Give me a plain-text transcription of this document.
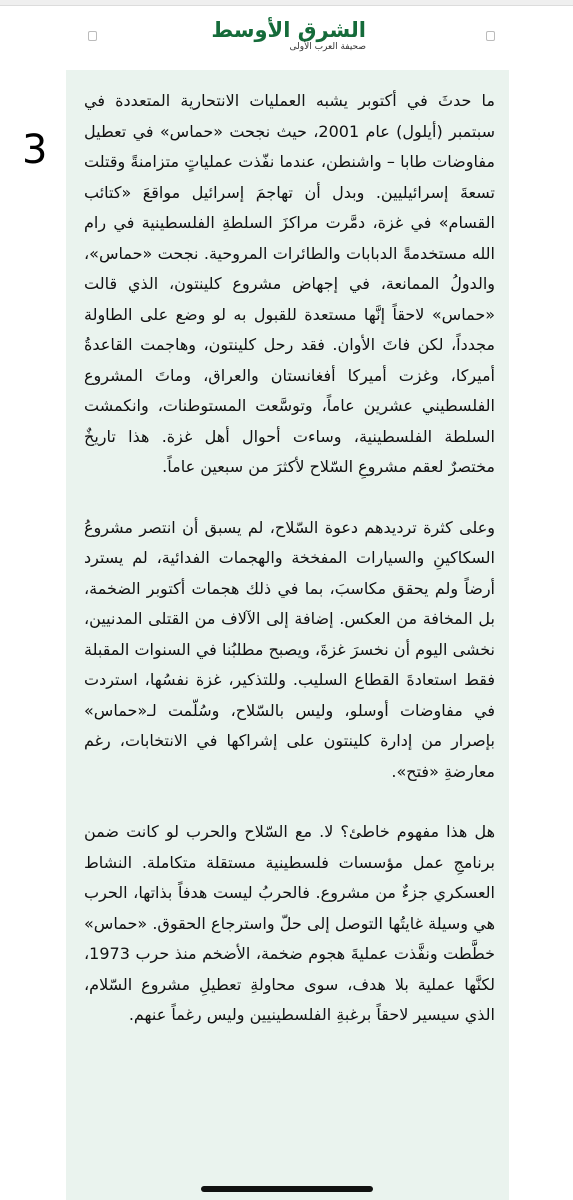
الشرق الأوسط
صحيفة العرب الأولى
3

ما حدثَ في أكتوبر يشبه العمليات الانتحارية المتعددة في سبتمبر (أيلول) عام 2001، حيث نجحت «حماس» في تعطيل مفاوضات طابا – واشنطن، عندما نفّذت عملياتٍ متزامنةً وقتلت تسعةَ إسرائيليين. وبدل أن تهاجمَ إسرائيل مواقعَ «كتائب القسام» في غزة، دمَّرت مراكزَ السلطةِ الفلسطينية في رام الله مستخدمةً الدبابات والطائرات المروحية. نجحت «حماس»، والدولُ الممانعة، في إجهاض مشروع كلينتون، الذي قالت «حماس» لاحقاً إنَّها مستعدة للقبول به لو وضع على الطاولة مجدداً، لكن فاتَ الأوان. فقد رحل كلينتون، وهاجمت القاعدةُ أميركا، وغزت أميركا أفغانستان والعراق، وماتَ المشروع الفلسطيني عشرين عاماً، وتوسَّعت المستوطنات، وانكمشت السلطة الفلسطينية، وساءت أحوال أهل غزة. هذا تاريخٌ مختصرٌ لعقم مشروعِ السّلاح لأكثرَ من سبعين عاماً.

وعلى كثرة ترديدهم دعوة السّلاح، لم يسبق أن انتصر مشروعُ السكاكينِ والسيارات المفخخة والهجمات الفدائية، لم يسترد أرضاً ولم يحقق مكاسبَ، بما في ذلك هجمات أكتوبر الضخمة، بل المخافة من العكس. إضافة إلى الآلاف من القتلى المدنيين، نخشى اليوم أن نخسرَ غزةَ، ويصبح مطلبُنا في السنوات المقبلة فقط استعادةَ القطاع السليب. وللتذكير، غزة نفسُها، استردت في مفاوضات أوسلو، وليس بالسّلاح، وسُلّمت لـ«حماس» بإصرار من إدارة كلينتون على إشراكها في الانتخابات، رغم معارضةِ «فتح».

هل هذا مفهوم خاطئ؟ لا. مع السّلاح والحرب لو كانت ضمن برنامجِ عمل مؤسسات فلسطينية مستقلة متكاملة. النشاط العسكري جزءٌ من مشروع. فالحربُ ليست هدفاً بذاتها، الحرب هي وسيلة غايتُها التوصل إلى حلّ واسترجاع الحقوق. «حماس» خطَّطت ونفَّذت عمليةَ هجوم ضخمة، الأضخم منذ حرب 1973، لكنَّها عملية بلا هدف، سوى محاولةِ تعطيلِ مشروع السّلام، الذي سيسير لاحقاً برغبةِ الفلسطينيين وليس رغماً عنهم.
